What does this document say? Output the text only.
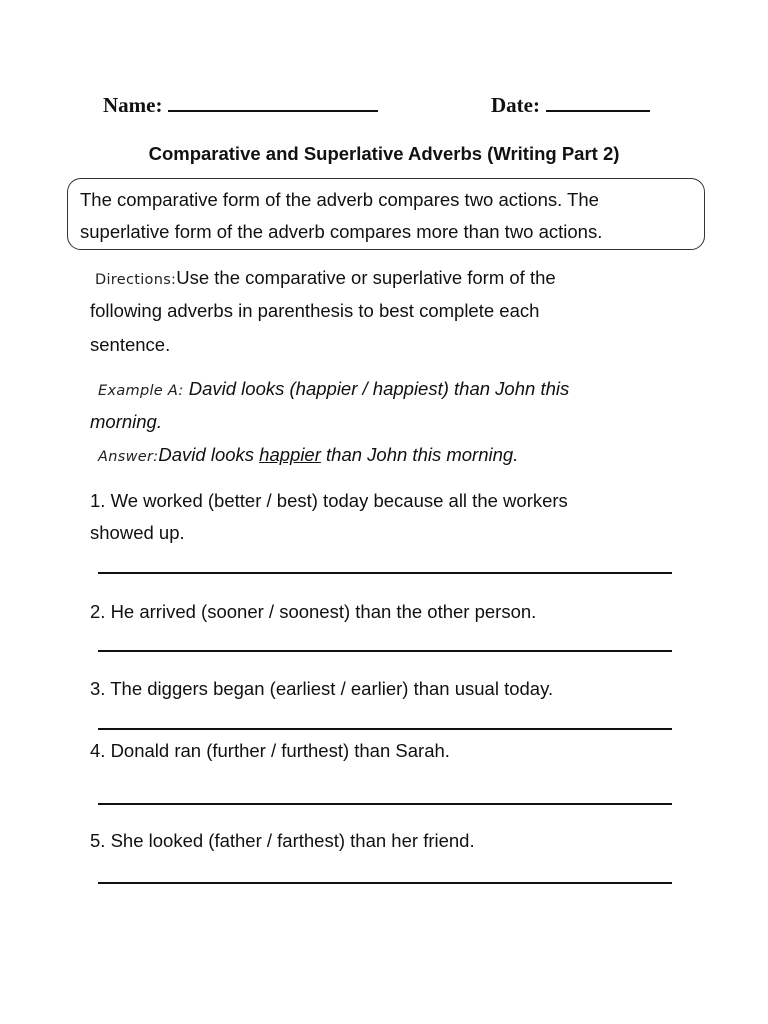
Name:	Date:
Comparative and Superlative Adverbs (Writing Part 2)
The comparative form of the adverb compares two actions. The
superlative form of the adverb compares more than two actions.
Directions:Use the comparative or superlative form of the
following adverbs in parenthesis to best complete each
sentence.
Example A: David looks (happier / happiest) than John this
morning.
Answer:David looks happier than John this morning.
1. We worked (better / best) today because all the workers
showed up.
2. He arrived (sooner / soonest) than the other person.
3. The diggers began (earliest / earlier) than usual today.
4. Donald ran (further / furthest) than Sarah.
5. She looked (father / farthest) than her friend.
